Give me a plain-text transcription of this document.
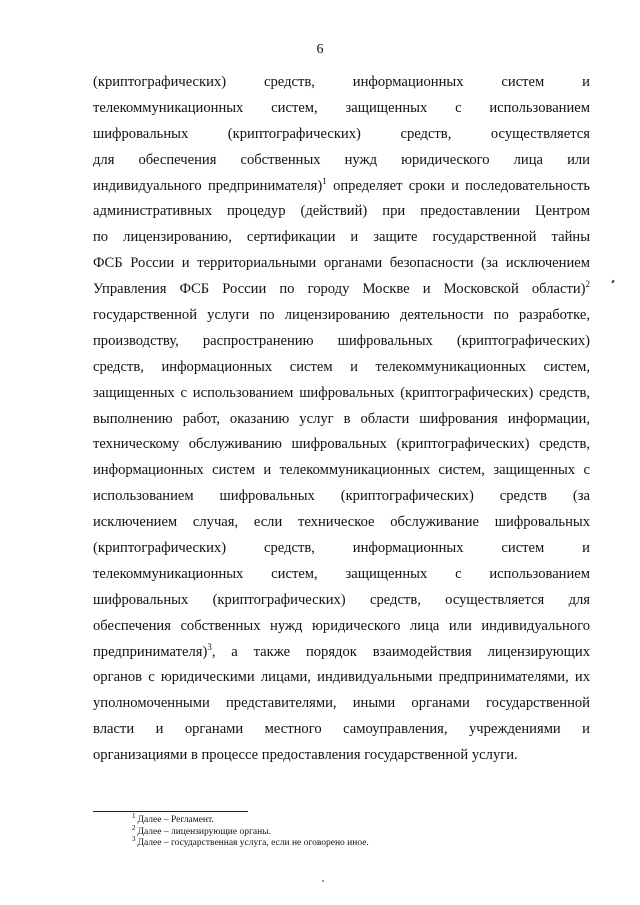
6
(криптографических) средств, информационных систем и
телекоммуникационных систем, защищенных с использованием
шифровальных (криптографических) средств, осуществляется
для обеспечения собственных нужд юридического лица или
индивидуального предпринимателя)$^1$ определяет сроки и последовательность
административных процедур (действий) при предоставлении Центром
по лицензированию, сертификации и защите государственной тайны
ФСБ России и территориальными органами безопасности (за исключением
Управления ФСБ России по городу Москве и Московской области)$^2$
государственной услуги по лицензированию деятельности по разработке,
производству, распространению шифровальных (криптографических)
средств, информационных систем и телекоммуникационных систем,
защищенных с использованием шифровальных (криптографических) средств,
выполнению работ, оказанию услуг в области шифрования информации,
техническому обслуживанию шифровальных (криптографических) средств,
информационных систем и телекоммуникационных систем, защищенных с
использованием шифровальных (криптографических) средств (за
исключением случая, если техническое обслуживание шифровальных
(криптографических) средств, информационных систем и
телекоммуникационных систем, защищенных с использованием
шифровальных (криптографических) средств, осуществляется для
обеспечения собственных нужд юридического лица или индивидуального
предпринимателя)$^3$, а также порядок взаимодействия лицензирующих
органов с юридическими лицами, индивидуальными предпринимателями, их
уполномоченными представителями, иными органами государственной
власти и органами местного самоуправления, учреждениями и
организациями в процессе предоставления государственной услуги.
$^1$ Далее – Регламент.
$^2$ Далее – лицензирующие органы.
$^3$ Далее – государственная услуга, если не оговорено иное.
